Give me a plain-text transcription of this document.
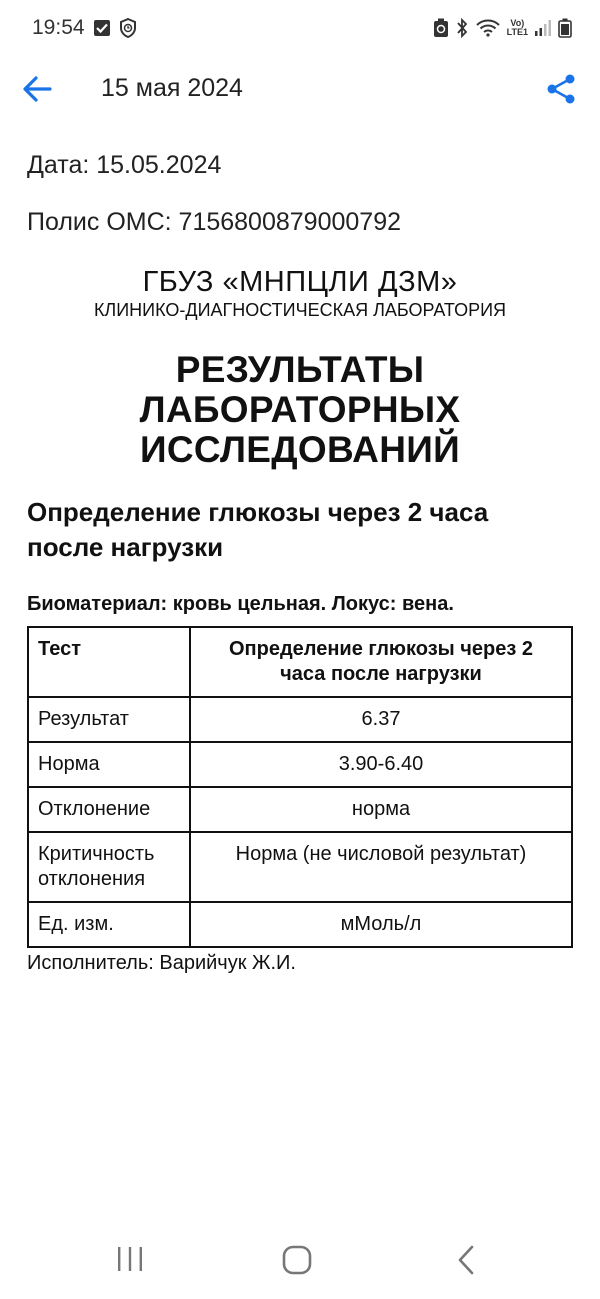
19:54	Vo)
LTE1
15 мая 2024
Дата: 15.05.2024
Полис ОМС: 7156800879000792
ГБУЗ «МНПЦЛИ ДЗМ»
КЛИНИКО-ДИАГНОСТИЧЕСКАЯ ЛАБОРАТОРИЯ
РЕЗУЛЬТАТЫ
ЛАБОРАТОРНЫХ
ИССЛЕДОВАНИЙ
Определение глюкозы через 2 часа
после нагрузки
Биоматериал: кровь цельная. Локус: вена.
Тест	Определение глюкозы через 2
часа после нагрузки

Результат	6.37
Норма	3.90-6.40
Отклонение	норма

Критичность
отклонения	Норма (не числовой результат)
Ед. изм.	мМоль/л
Исполнитель: Варийчук Ж.И.
